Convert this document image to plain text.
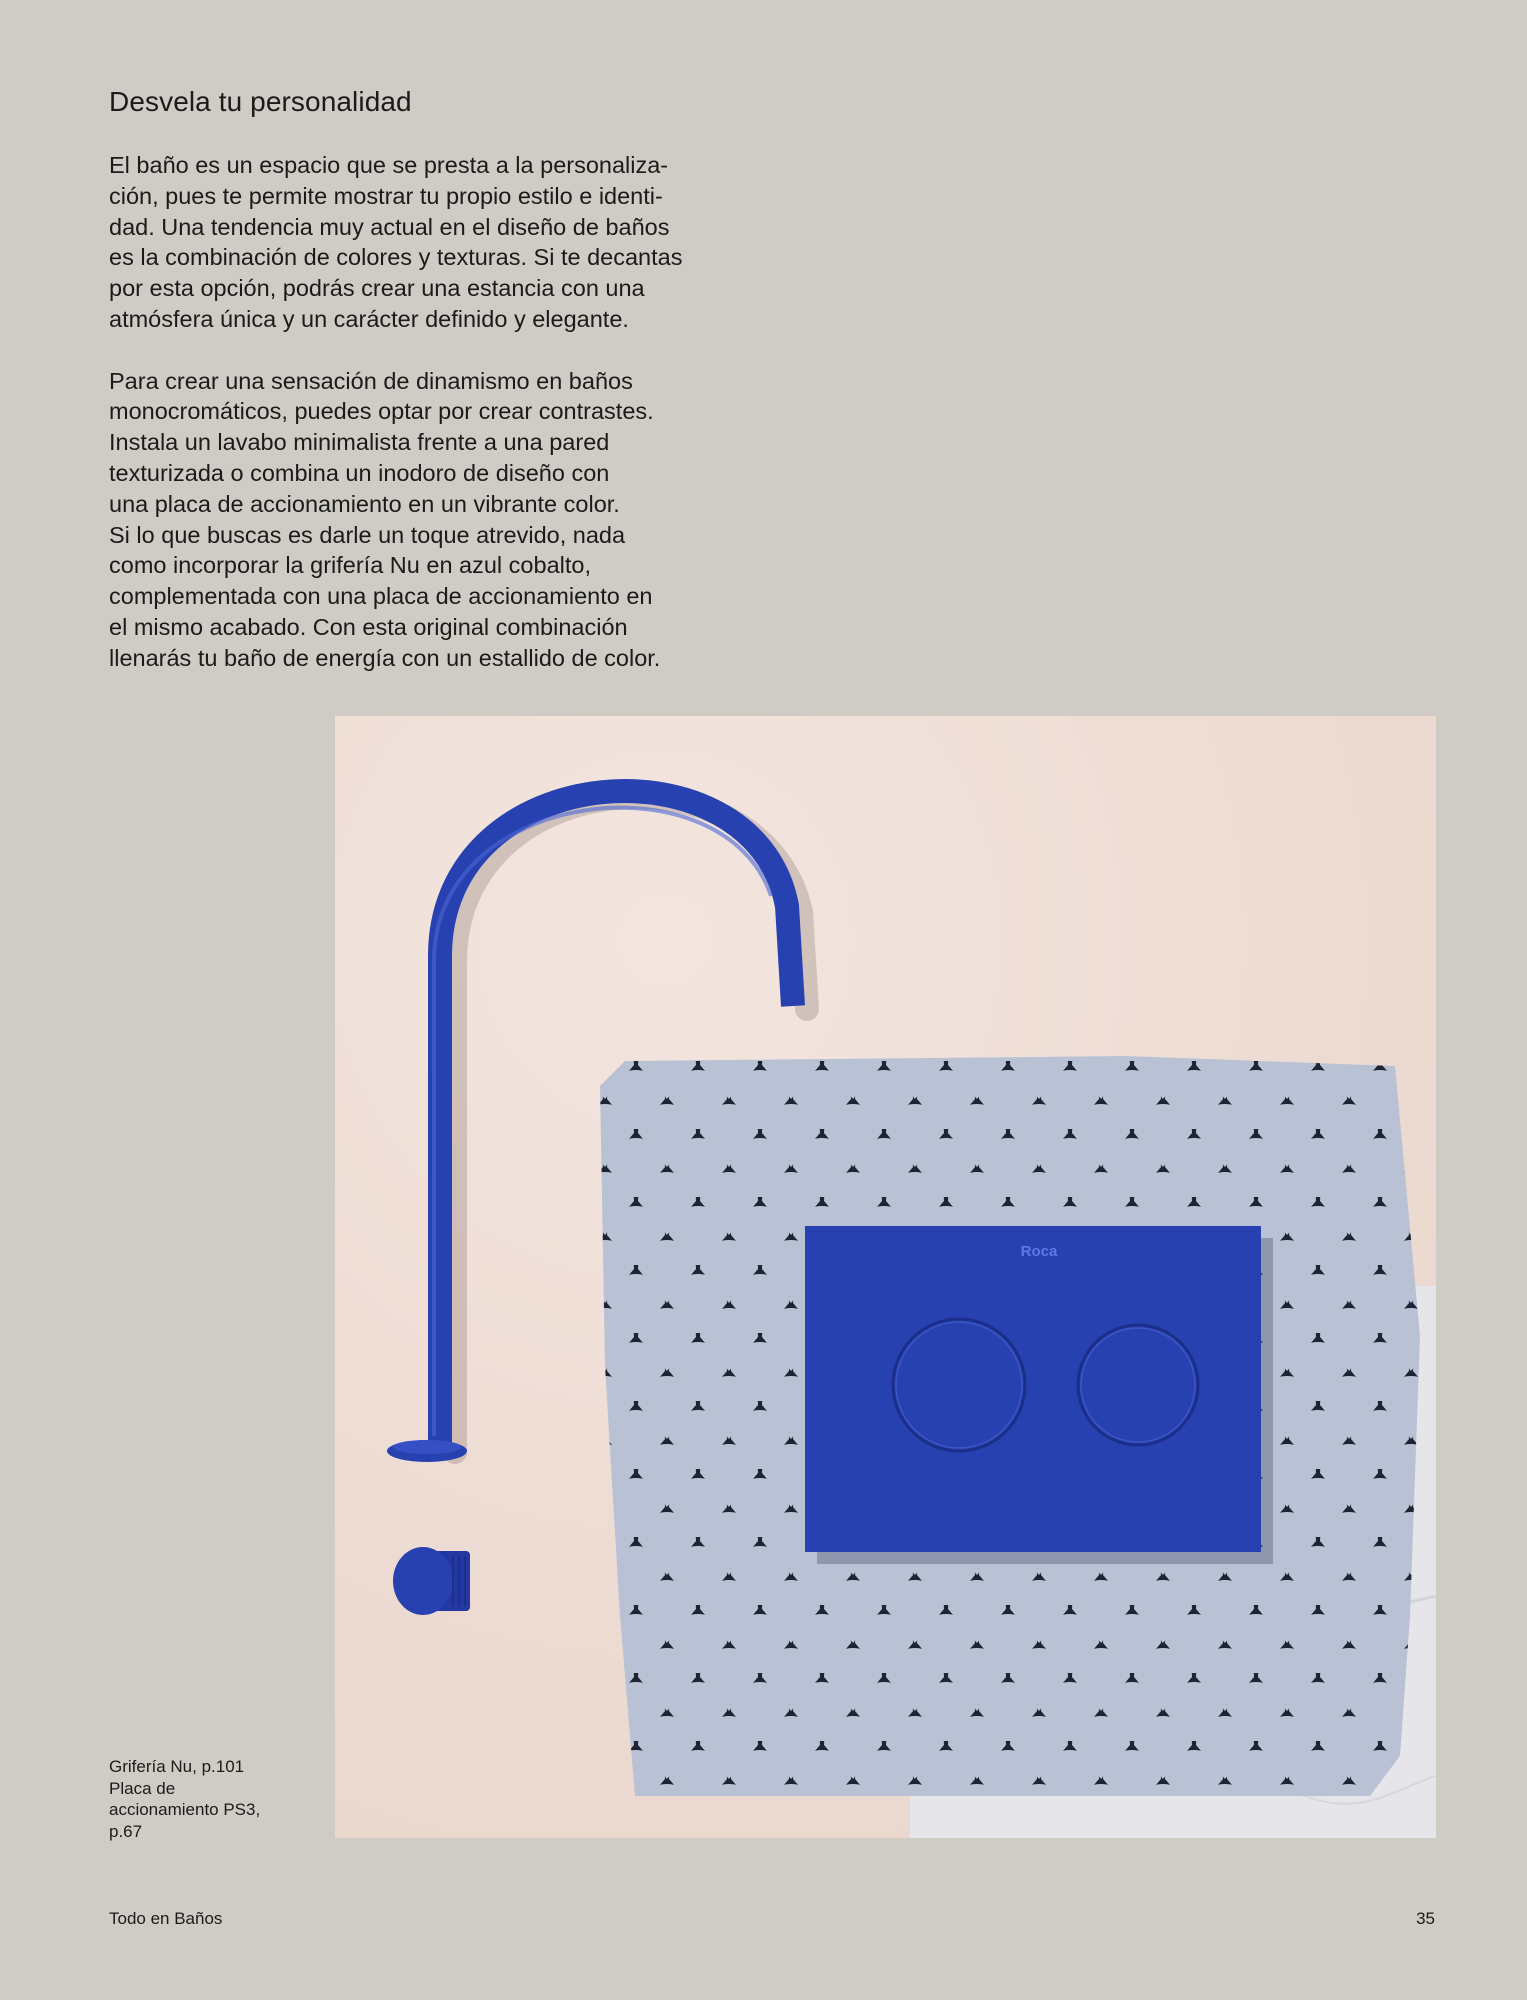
Desvela tu personalidad

El baño es un espacio que se presta a la personaliza-
ción, pues te permite mostrar tu propio estilo e identi-
dad. Una tendencia muy actual en el diseño de baños
es la combinación de colores y texturas. Si te decantas
por esta opción, podrás crear una estancia con una
atmósfera única y un carácter definido y elegante.

Para crear una sensación de dinamismo en baños
monocromáticos, puedes optar por crear contrastes.
Instala un lavabo minimalista frente a una pared
texturizada o combina un inodoro de diseño con
una placa de accionamiento en un vibrante color.
Si lo que buscas es darle un toque atrevido, nada
como incorporar la grifería Nu en azul cobalto,
complementada con una placa de accionamiento en
el mismo acabado. Con esta original combinación
llenarás tu baño de energía con un estallido de color.

Roca
Grifería Nu, p.101
Placa de
accionamiento PS3,
p.67
Todo en Baños	35
